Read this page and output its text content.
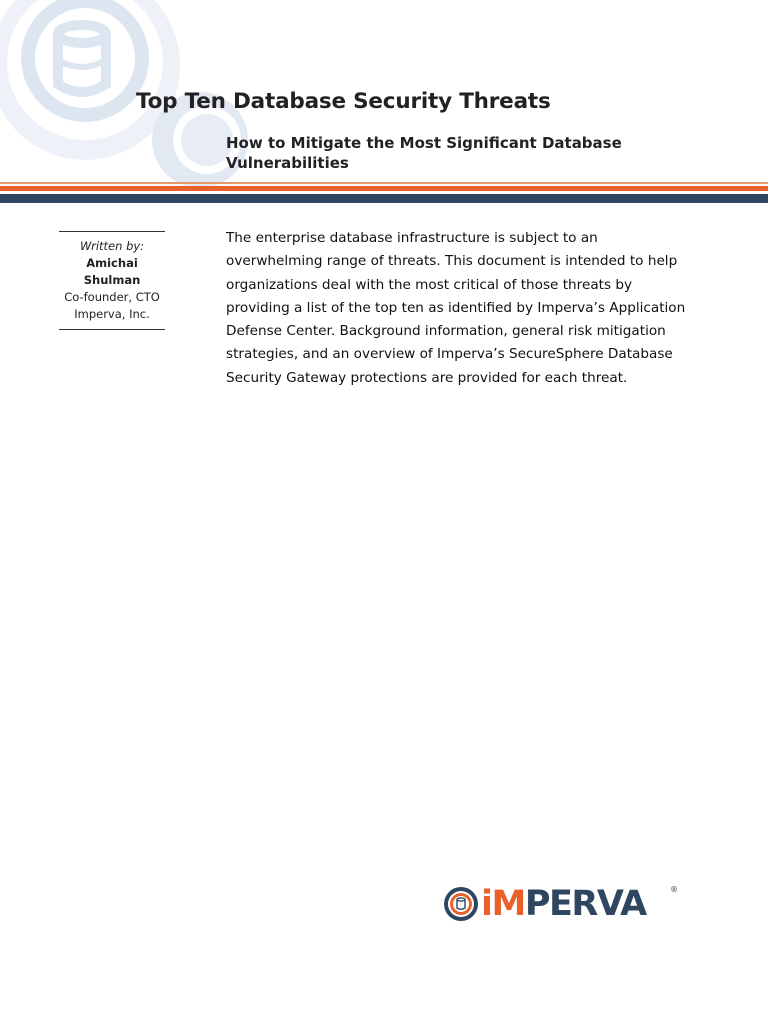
Top Ten Database Security Threats
How to Mitigate the Most Significant Database Vulnerabilities
Written by:
Amichai Shulman
Co-founder, CTO
Imperva, Inc.

The enterprise database infrastructure is subject to an overwhelming range of threats. This document is intended to help organizations deal with the most critical of those threats by providing a list of the top ten as identified by Imperva’s Application Defense Center. Background information, general risk mitigation strategies, and an overview of Imperva’s SecureSphere Database Security Gateway protections are provided for each threat.

iMPERVA	®
